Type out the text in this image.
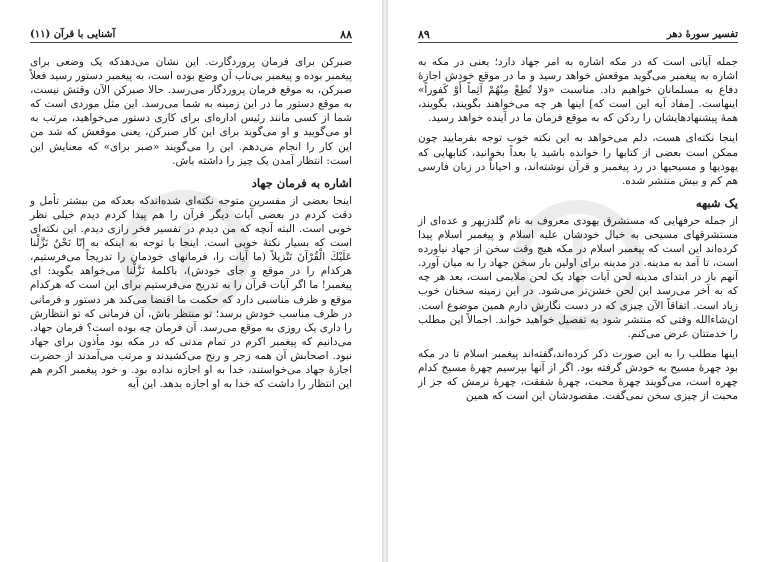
۸۸
آشنایی با قرآن (۱۱)

صبرکن برای فرمان پروردگارت. این نشان می‌دهدکه یک وضعی برای پیغمبر بوده و پیغمبر بی‌تاب آن وضع بوده است، به پیغمبر دستور رسید فعلاً صبرکن، به موقع فرمان پروردگار می‌رسد. حالا صبرکن الآن وقتش نیست، به موقع دستور ما در این زمینه به شما می‌رسد. این مثل موردی است که شما از کسی مانند رئیس اداره‌ای برای کاری دستور می‌خواهید، مرتب به او می‌گویید و او می‌گوید برای این کار صبرکن، یعنی موقعش که شد من این کار را انجام می‌دهم. این را می‌گویند «صبر برای» که معنایش این است: انتظار آمدن یک چیز را داشته باش.

اشاره به فرمان جهاد

اینجا بعضی از مفسرین متوجه نکته‌ای شده‌اندکه بعدکه من بیشتر تأمل و دقت کردم در بعضی آیات دیگر قرآن را هم پیدا کردم دیدم خیلی نظر خوبی است. البته آنچه که من دیدم در تفسیر فخر رازی دیدم. این نکته‌ای است که بسیار نکتهٔ خوبی است. اینجا با توجه به اینکه به إنّا نَحْنُ نَزَّلْنا عَلَيْكَ الْقُرْآنَ تَنْزيلاً (ما آیات را، فرمانهای خودمان را تدریجاً می‌فرستیم، هرکدام را در موقع و جای خودش)، باکلمهٔ نَزَّلْنا می‌خواهد بگوید: ای پیغمبر! ما اگر آیات قرآن را به تدریج می‌فرستیم برای این است که هرکدام موقع و ظرف مناسبی دارد که حکمت ما اقتضا می‌کند هر دستور و فرمانی در ظرف مناسب خودش برسد؛ تو منتظر باش، آن فرمانی که تو انتظارش را داری یک روزی به موقع می‌رسد. آن فرمان چه بوده است؟ فرمان جهاد. می‌دانیم که پیغمبر اکرم در تمام مدتی که در مکه بود مأذون برای جهاد نبود. اصحابش آن همه زجر و رنج می‌کشیدند و مرتب می‌آمدند از حضرت اجازهٔ جهاد می‌خواستند، خدا به او اجازه نداده بود. و خود پیغمبر اکرم هم این انتظار را داشت که خدا به او اجازه بدهد. این آیه

۸۹	تفسیر سورهٔ دهر

جمله آیاتی است که در مکه اشاره به امر جهاد دارد؛ یعنی در مکه به اشاره به پیغمبر می‌گوید موقعش خواهد رسید و ما در موقع خودش اجازهٔ دفاع به مسلمانان خواهیم داد. مناسبت «وَلا تُطِعْ مِنْهُمْ آثِماً أَوْ كَفوراً» اینهاست. [مفاد آیه این است که] اینها هر چه می‌خواهند بگویند، بگویند، همهٔ پیشنهادهایشان را ردکن که به موقع فرمان ما در آینده خواهد رسید.

اینجا نکته‌ای هست، دلم می‌خواهد به این نکته خوب توجه بفرمایید چون ممکن است بعضی از کتابها را خوانده باشید یا بعداً بخوانید، کتابهایی که یهودیها و مسیحیها در رد پیغمبر و قرآن نوشته‌اند، و احیاناً در زبان فارسی هم کم و بیش منتشر شده.

یک شبهه

از جمله حرفهایی که مستشرق یهودی معروف به نام گلدزیهر و عده‌ای از مستشرقهای مسیحی به خیال خودشان علیه اسلام و پیغمبر اسلام پیدا کرده‌اند این است که پیغمبر اسلام در مکه هیچ وقت سخن از جهاد نیاورده است، تا آمد به مدینه. در مدینه برای اولین بار سخن جهاد را به میان آورد. آنهم باز در ابتدای مدینه لحن آیات جهاد یک لحن ملایمی است، بعد هر چه که به آخر می‌رسد این لحن خشن‌تر می‌شود. در این زمینه سخنان خوب زیاد است. اتفاقاً الآن چیزی که در دست نگارش دارم همین موضوع است. ان‌شاءالله وقتی که منتشر شود به تفصیل خواهید خواند. اجمالاً این مطلب را خدمتتان عرض می‌کنم.

اینها مطلب را به این صورت ذکر کرده‌اند،گفته‌اند پیغمبر اسلام تا در مکه بود چهرهٔ مسیح به خودش گرفته بود. اگر از آنها بپرسیم چهرهٔ مسیح کدام چهره است، می‌گویند چهرهٔ محبت، چهرهٔ شفقت، چهرهٔ نرمش که جز از محبت از چیزی سخن نمی‌گفت. مقصودشان این است که همین
